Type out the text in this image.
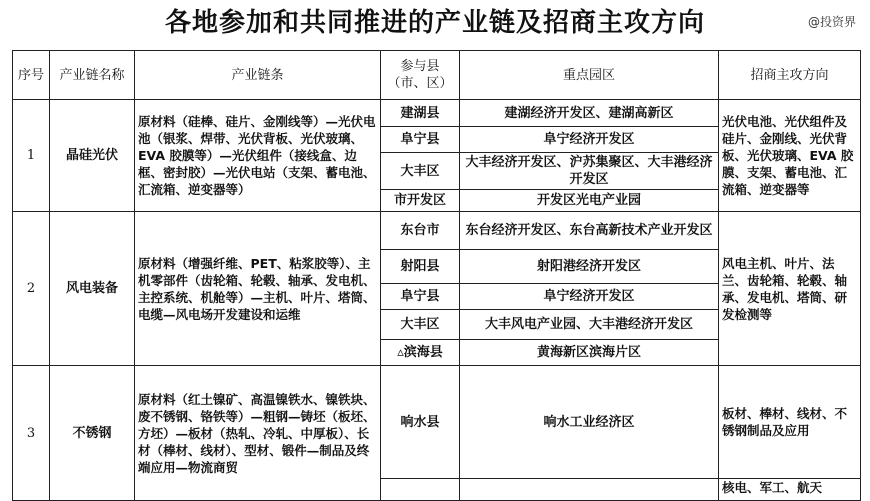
各地参加和共同推进的产业链及招商主攻方向	@投资界
序号	产业链名称	产业链条	参与县（市、区）	重点园区	招商主攻方向
1	晶硅光伏	原材料（硅棒、硅片、金刚线等）—光伏电池（银浆、焊带、光伏背板、光伏玻璃、EVA 胶膜等）—光伏组件（接线盒、边框、密封胶）—光伏电站（支架、蓄电池、汇流箱、逆变器等）	建湖县	建湖经济开发区、建湖高新区	光伏电池、光伏组件及硅片、金刚线、光伏背板、光伏玻璃、EVA 胶膜、支架、蓄电池、汇流箱、逆变器等
			阜宁县	阜宁经济开发区	
			大丰区	大丰经济开发区、沪苏集聚区、大丰港经济开发区	
			市开发区	开发区光电产业园	
2	风电装备	原材料（增强纤维、PET、粘浆胶等）、主机零部件（齿轮箱、轮毂、轴承、发电机、主控系统、机舱等）—主机、叶片、塔筒、电缆—风电场开发建设和运维	东台市	东台经济开发区、东台高新技术产业开发区	风电主机、叶片、法兰、齿轮箱、轮毂、轴承、发电机、塔筒、研发检测等
			射阳县	射阳港经济开发区	
			阜宁县	阜宁经济开发区	
			大丰区	大丰风电产业园、大丰港经济开发区	
			▵滨海县	黄海新区滨海片区	
3	不锈钢	原材料（红土镍矿、高温镍铁水、镍铁块、废不锈钢、铬铁等）—粗钢—铸坯（板坯、方坯）—板材（热轧、冷轧、中厚板）、长材（棒材、线材）、型材、锻件—制品及终端应用—物流商贸	响水县	响水工业经济区	板材、棒材、线材、不锈钢制品及应用
					核电、军工、航天
